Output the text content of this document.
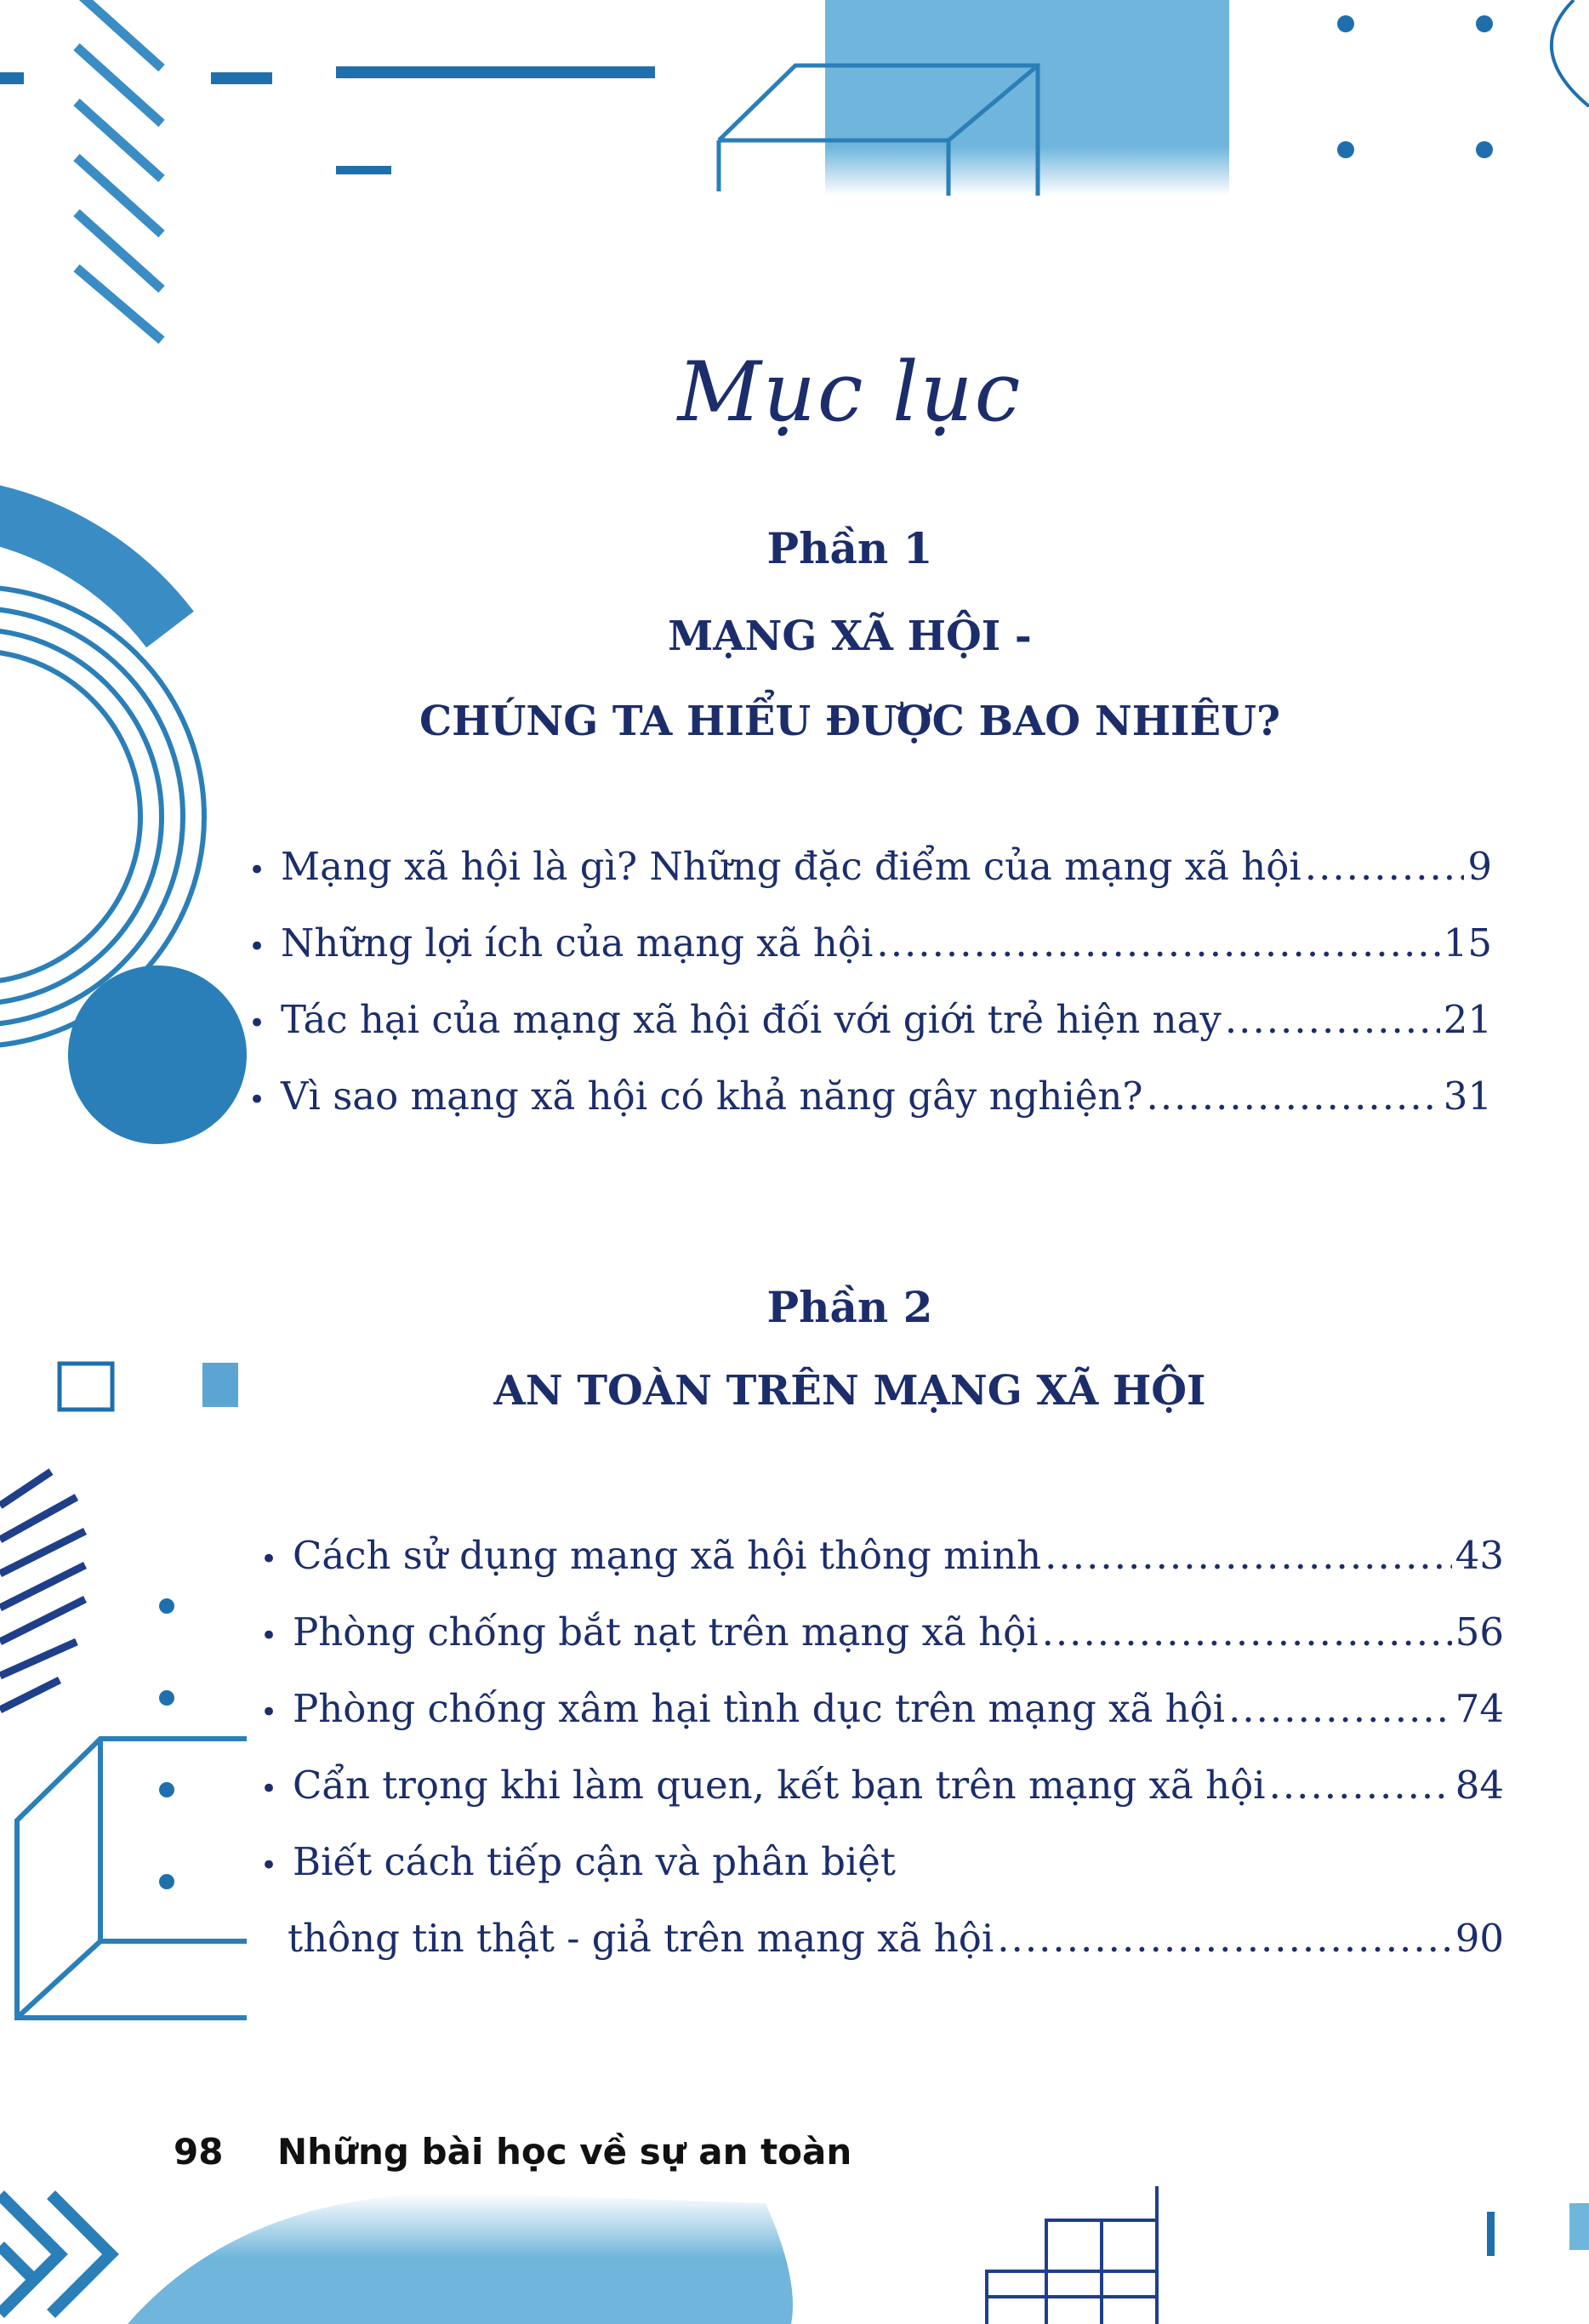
Mục lục
Phần 1
MẠNG XÃ HỘI -
CHÚNG TA HIỂU ĐƯỢC BAO NHIÊU?
• Mạng xã hội là gì? Những đặc điểm của mạng xã hội .....	9
• Những lợi ích của mạng xã hội .....	15
• Tác hại của mạng xã hội đối với giới trẻ hiện nay .....	21
• Vì sao mạng xã hội có khả năng gây nghiện? .....	31
Phần 2
AN TOÀN TRÊN MẠNG XÃ HỘI
• Cách sử dụng mạng xã hội thông minh .....	43
• Phòng chống bắt nạt trên mạng xã hội .....	56
• Phòng chống xâm hại tình dục trên mạng xã hội .....	74
• Cẩn trọng khi làm quen, kết bạn trên mạng xã hội .....	84
• Biết cách tiếp cận và phân biệt
thông tin thật - giả trên mạng xã hội .....	90
98 Những bài học về sự an toàn
